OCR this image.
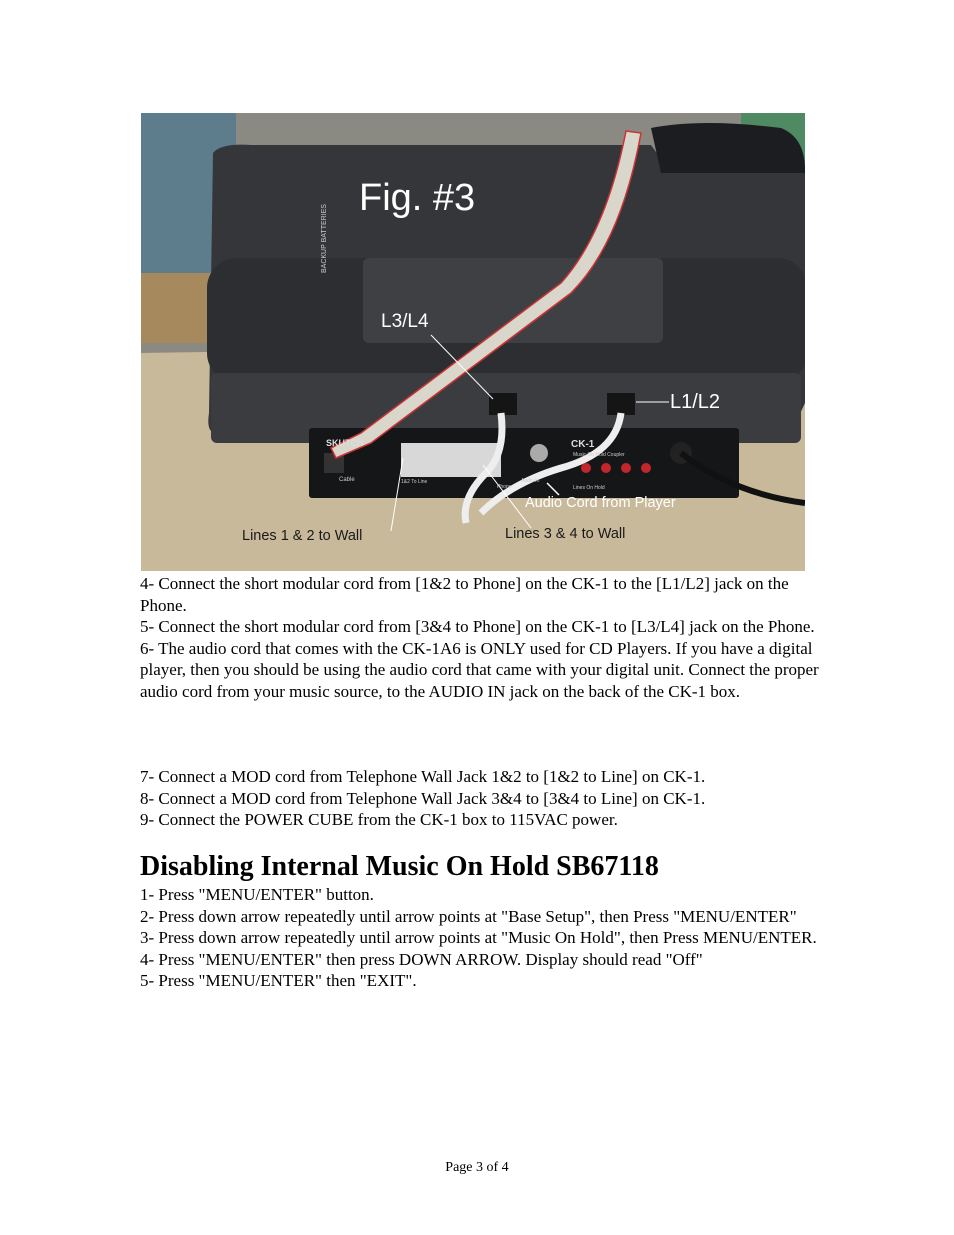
Fig. #3
L3/L4
L1/L2
Audio Cord from Player
Lines 1 & 2 to Wall	Lines 3 & 4 to Wall
BACKUP BATTERIES
SKUTCH	CK-1
Music On Hold Coupler
Cable	1&2 To Line
Phone
Audio In
Lines On Hold

4- Connect the short modular cord from [1&2 to Phone] on the CK-1 to the [L1/L2] jack on the Phone.

5- Connect the short modular cord from [3&4 to Phone] on the CK-1 to [L3/L4] jack on the Phone.

6- The audio cord that comes with the CK-1A6 is ONLY used for CD Players. If you have a digital player, then you should be using the audio cord that came with your digital unit. Connect the proper audio cord from your music source, to the AUDIO IN jack on the back of the CK-1 box.

7- Connect a MOD cord from Telephone Wall Jack 1&2 to [1&2 to Line] on CK-1.

8- Connect a MOD cord from Telephone Wall Jack 3&4 to [3&4 to Line] on CK-1.

9- Connect the POWER CUBE from the CK-1 box to 115VAC power.

Disabling Internal Music On Hold SB67118

1- Press "MENU/ENTER" button.

2- Press down arrow repeatedly until arrow points at "Base Setup", then Press "MENU/ENTER"

3- Press down arrow repeatedly until arrow points at "Music On Hold", then Press MENU/ENTER.

4- Press "MENU/ENTER" then press DOWN ARROW. Display should read "Off"

5- Press "MENU/ENTER" then "EXIT".

Page 3 of 4
